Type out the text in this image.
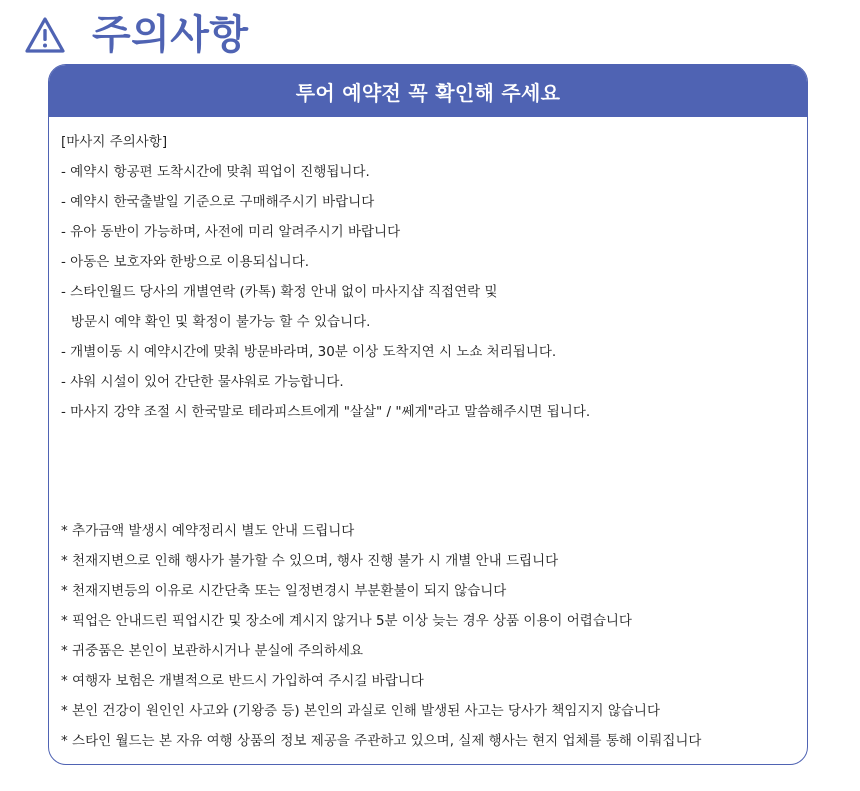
주의사항
투어 예약전 꼭 확인해 주세요
[마사지 주의사항]
- 예약시 항공편 도착시간에 맞춰 픽업이 진행됩니다.
- 예약시 한국출발일 기준으로 구매해주시기 바랍니다
- 유아 동반이 가능하며, 사전에 미리 알려주시기 바랍니다
- 아동은 보호자와 한방으로 이용되십니다.
- 스타인월드 당사의 개별연락 (카톡) 확정 안내 없이 마사지샵 직접연락 및
방문시 예약 확인 및 확정이 불가능 할 수 있습니다.
- 개별이동 시 예약시간에 맞춰 방문바라며, 30분 이상 도착지연 시 노쇼 처리됩니다.
- 샤워 시설이 있어 간단한 물샤워로 가능합니다.
- 마사지 강약 조절 시 한국말로 테라피스트에게 "살살" / "쎄게"라고 말씀해주시면 됩니다.
* 추가금액 발생시 예약정리시 별도 안내 드립니다
* 천재지변으로 인해 행사가 불가할 수 있으며, 행사 진행 불가 시 개별 안내 드립니다
* 천재지변등의 이유로 시간단축 또는 일정변경시 부분환불이 되지 않습니다
* 픽업은 안내드린 픽업시간 및 장소에 계시지 않거나 5분 이상 늦는 경우 상품 이용이 어렵습니다
* 귀중품은 본인이 보관하시거나 분실에 주의하세요
* 여행자 보험은 개별적으로 반드시 가입하여 주시길 바랍니다
* 본인 건강이 원인인 사고와 (기왕증 등) 본인의 과실로 인해 발생된 사고는 당사가 책임지지 않습니다
* 스타인 월드는 본 자유 여행 상품의 정보 제공을 주관하고 있으며, 실제 행사는 현지 업체를 통해 이뤄집니다
